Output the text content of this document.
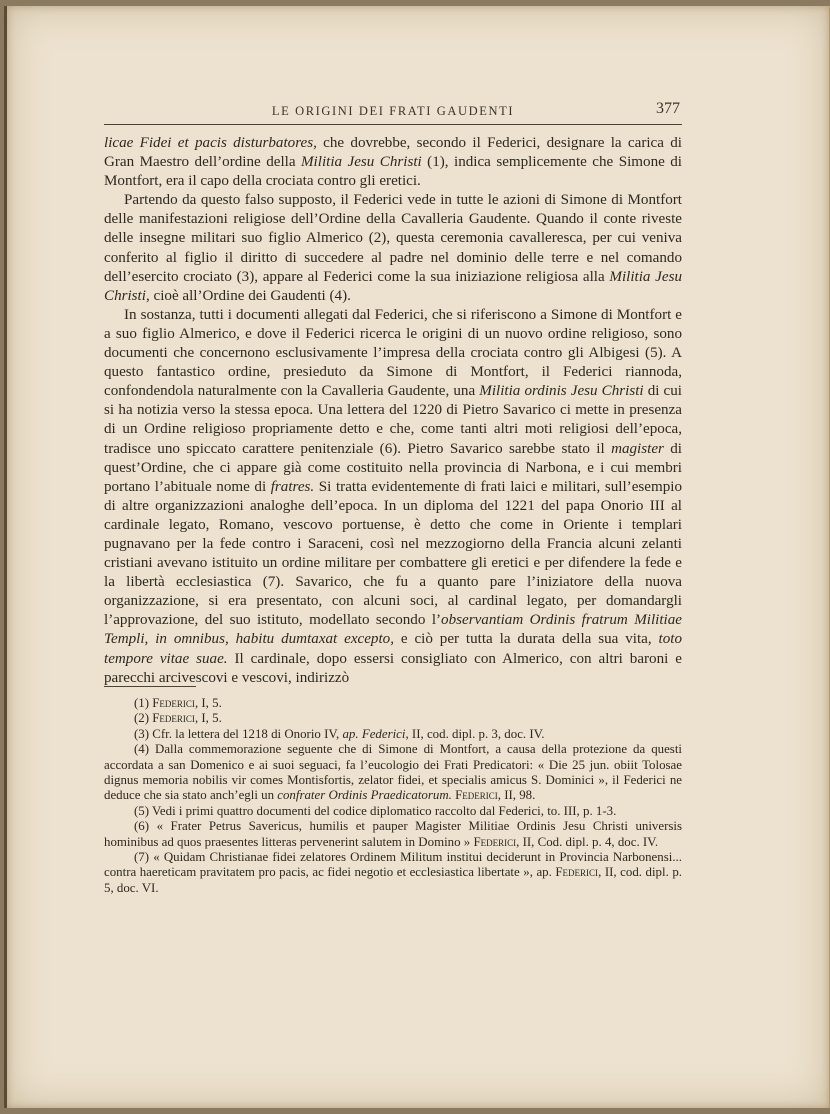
LE ORIGINI DEI FRATI GAUDENTI	377

licae Fidei et pacis disturbatores, che dovrebbe, secondo il Federici, designare la carica di Gran Maestro dell’ordine della Militia Jesu Christi (1), indica semplicemente che Simone di Montfort, era il capo della crociata contro gli eretici.

Partendo da questo falso supposto, il Federici vede in tutte le azioni di Simone di Montfort delle manifestazioni religiose dell’Ordine della Cavalleria Gaudente. Quando il conte riveste delle insegne militari suo figlio Almerico (2), questa ceremonia cavalleresca, per cui veniva conferito al figlio il diritto di succedere al padre nel dominio delle terre e nel comando dell’esercito crociato (3), appare al Federici come la sua iniziazione religiosa alla Militia Jesu Christi, cioè all’Ordine dei Gaudenti (4).

In sostanza, tutti i documenti allegati dal Federici, che si riferiscono a Simone di Montfort e a suo figlio Almerico, e dove il Federici ricerca le origini di un nuovo ordine religioso, sono documenti che concernono esclusivamente l’impresa della crociata contro gli Albigesi (5). A questo fantastico ordine, presieduto da Simone di Montfort, il Federici riannoda, confondendola naturalmente con la Cavalleria Gaudente, una Militia ordinis Jesu Christi di cui si ha notizia verso la stessa epoca. Una lettera del 1220 di Pietro Savarico ci mette in presenza di un Ordine religioso propriamente detto e che, come tanti altri moti religiosi dell’epoca, tradisce uno spiccato carattere penitenziale (6). Pietro Savarico sarebbe stato il magister di quest’Ordine, che ci appare già come costituito nella provincia di Narbona, e i cui membri portano l’abituale nome di fratres. Si tratta evidentemente di frati laici e militari, sull’esempio di altre organizzazioni analoghe dell’epoca. In un diploma del 1221 del papa Onorio III al cardinale legato, Romano, vescovo portuense, è detto che come in Oriente i templari pugnavano per la fede contro i Saraceni, così nel mezzogiorno della Francia alcuni zelanti cristiani avevano istituito un ordine militare per combattere gli eretici e per difendere la fede e la libertà ecclesiastica (7). Savarico, che fu a quanto pare l’iniziatore della nuova organizzazione, si era presentato, con alcuni soci, al cardinal legato, per domandargli l’approvazione, del suo istituto, modellato secondo l’observantiam Ordinis fratrum Militiae Templi, in omnibus, habitu dumtaxat excepto, e ciò per tutta la durata della sua vita, toto tempore vitae suae. Il cardinale, dopo essersi consigliato con Almerico, con altri baroni e parecchi arcivescovi e vescovi, indirizzò

(1) Federici, I, 5.

(2) Federici, I, 5.

(3) Cfr. la lettera del 1218 di Onorio IV, ap. Federici, II, cod. dipl. p. 3, doc. IV.

(4) Dalla commemorazione seguente che di Simone di Montfort, a causa della protezione da questi accordata a san Domenico e ai suoi seguaci, fa l’eucologio dei Frati Predicatori: « Die 25 jun. obiit Tolosae dignus memoria nobilis vir comes Montisfortis, zelator fidei, et specialis amicus S. Dominici », il Federici ne deduce che sia stato anch’egli un confrater Ordinis Praedicatorum. Federici, II, 98.

(5) Vedi i primi quattro documenti del codice diplomatico raccolto dal Federici, to. III, p. 1-3.

(6) « Frater Petrus Savericus, humilis et pauper Magister Militiae Ordinis Jesu Christi universis hominibus ad quos praesentes litteras pervenerint salutem in Domino » Federici, II, Cod. dipl. p. 4, doc. IV.

(7) « Quidam Christianae fidei zelatores Ordinem Militum institui deciderunt in Provincia Narbonensi... contra haereticam pravitatem pro pacis, ac fidei negotio et ecclesiastica libertate », ap. Federici, II, cod. dipl. p. 5, doc. VI.
